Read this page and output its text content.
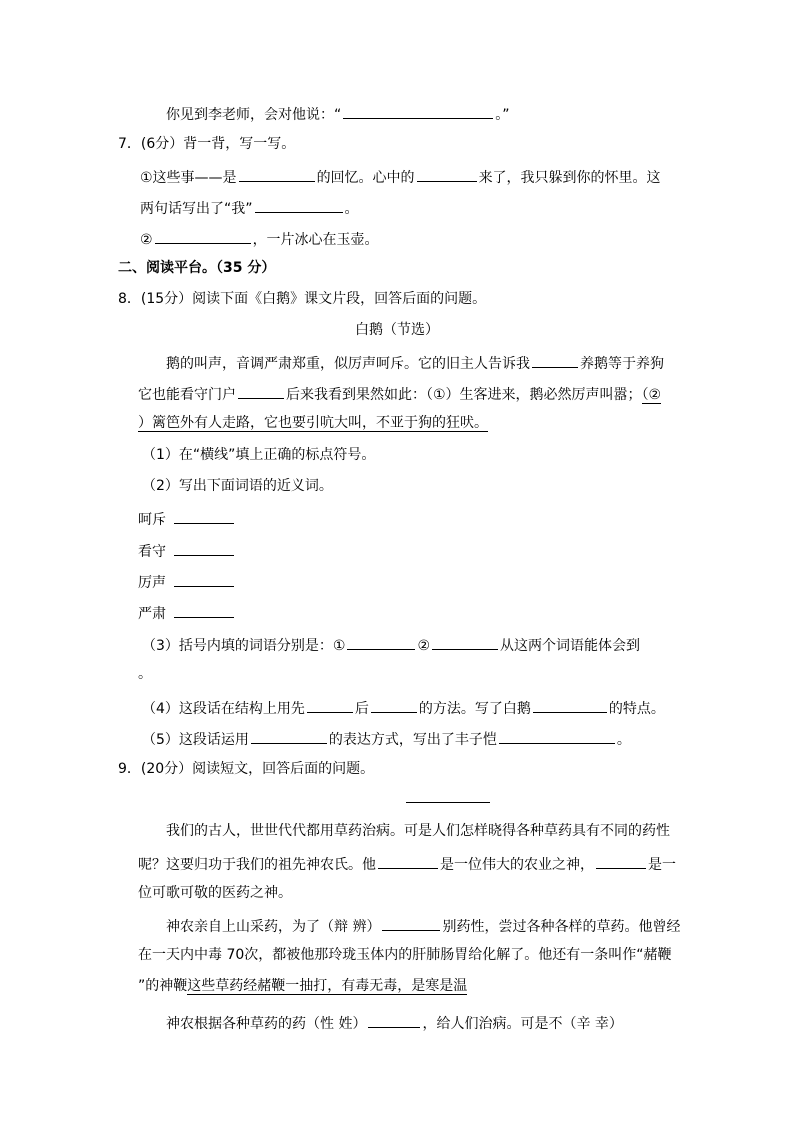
你见到李老师，会对他说：“	。”
7．(6分）背一背，写一写。
①这些事——是	的回忆。心中的	来了，我只躲到你的怀里。这
两句话写出了“我”	。
②	，一片冰心在玉壶。
二、阅读平台。（35 分）
8．(15分）阅读下面《白鹅》课文片段，回答后面的问题。
白鹅（节选）
鹅的叫声，音调严肃郑重，似厉声呵斥。它的旧主人告诉我	养鹅等于养狗
它也能看守门户	后来我看到果然如此：（①）生客进来，鹅必然厉声叫嚣；（②
）篱笆外有人走路，它也要引吭大叫，不亚于狗的狂吠。
（1）在“横线”填上正确的标点符号。
（2）写出下面词语的近义词。
呵斥
看守
厉声
严肃
（3）括号内填的词语分别是：①	②	从这两个词语能体会到
。
（4）这段话在结构上用先	后	的方法。写了白鹅	的特点。
（5）这段话运用	的表达方式，写出了丰子恺	。
9．(20分）阅读短文，回答后面的问题。
我们的古人，世世代代都用草药治病。可是人们怎样晓得各种草药具有不同的药性
呢？这要归功于我们的祖先神农氏。他	是一位伟大的农业之神，	是一
位可歌可敬的医药之神。
神农亲自上山采药，为了（辩 辨）	别药性，尝过各种各样的草药。他曾经
在一天内中毒 70次，都被他那玲珑玉体内的肝肺肠胃给化解了。他还有一条叫作“赭鞭
”的神鞭这些草药经赭鞭一抽打，有毒无毒，是寒是温
神农根据各种草药的药（性 姓）	，给人们治病。可是不（辛 幸）
